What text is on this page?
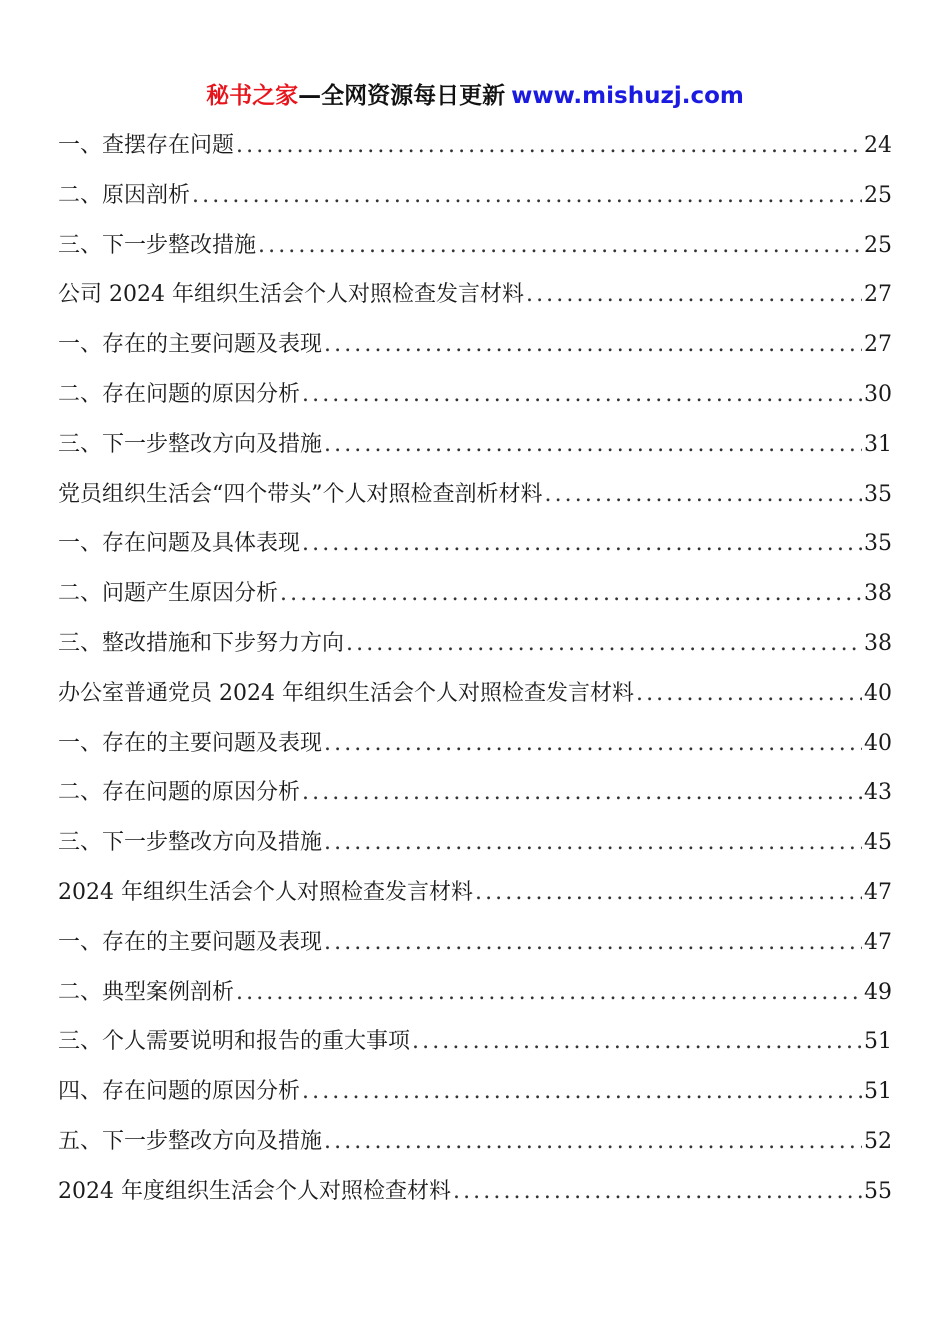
秘书之家—全网资源每日更新 www.mishuzj.com
一、查摆存在问题 .....	24
二、原因剖析 .....	25
三、下一步整改措施 .....	25
公司 2024 年组织生活会个人对照检查发言材料 .....	27
一、存在的主要问题及表现 .....	27
二、存在问题的原因分析 .....	30
三、下一步整改方向及措施 .....	31
党员组织生活会“四个带头”个人对照检查剖析材料 .....	35
一、存在问题及具体表现 .....	35
二、问题产生原因分析 .....	38
三、整改措施和下步努力方向 .....	38
办公室普通党员 2024 年组织生活会个人对照检查发言材料 .....	40
一、存在的主要问题及表现 .....	40
二、存在问题的原因分析 .....	43
三、下一步整改方向及措施 .....	45
2024 年组织生活会个人对照检查发言材料 .....	47
一、存在的主要问题及表现 .....	47
二、典型案例剖析 .....	49
三、个人需要说明和报告的重大事项 .....	51
四、存在问题的原因分析 .....	51
五、下一步整改方向及措施 .....	52
2024 年度组织生活会个人对照检查材料 .....	55
